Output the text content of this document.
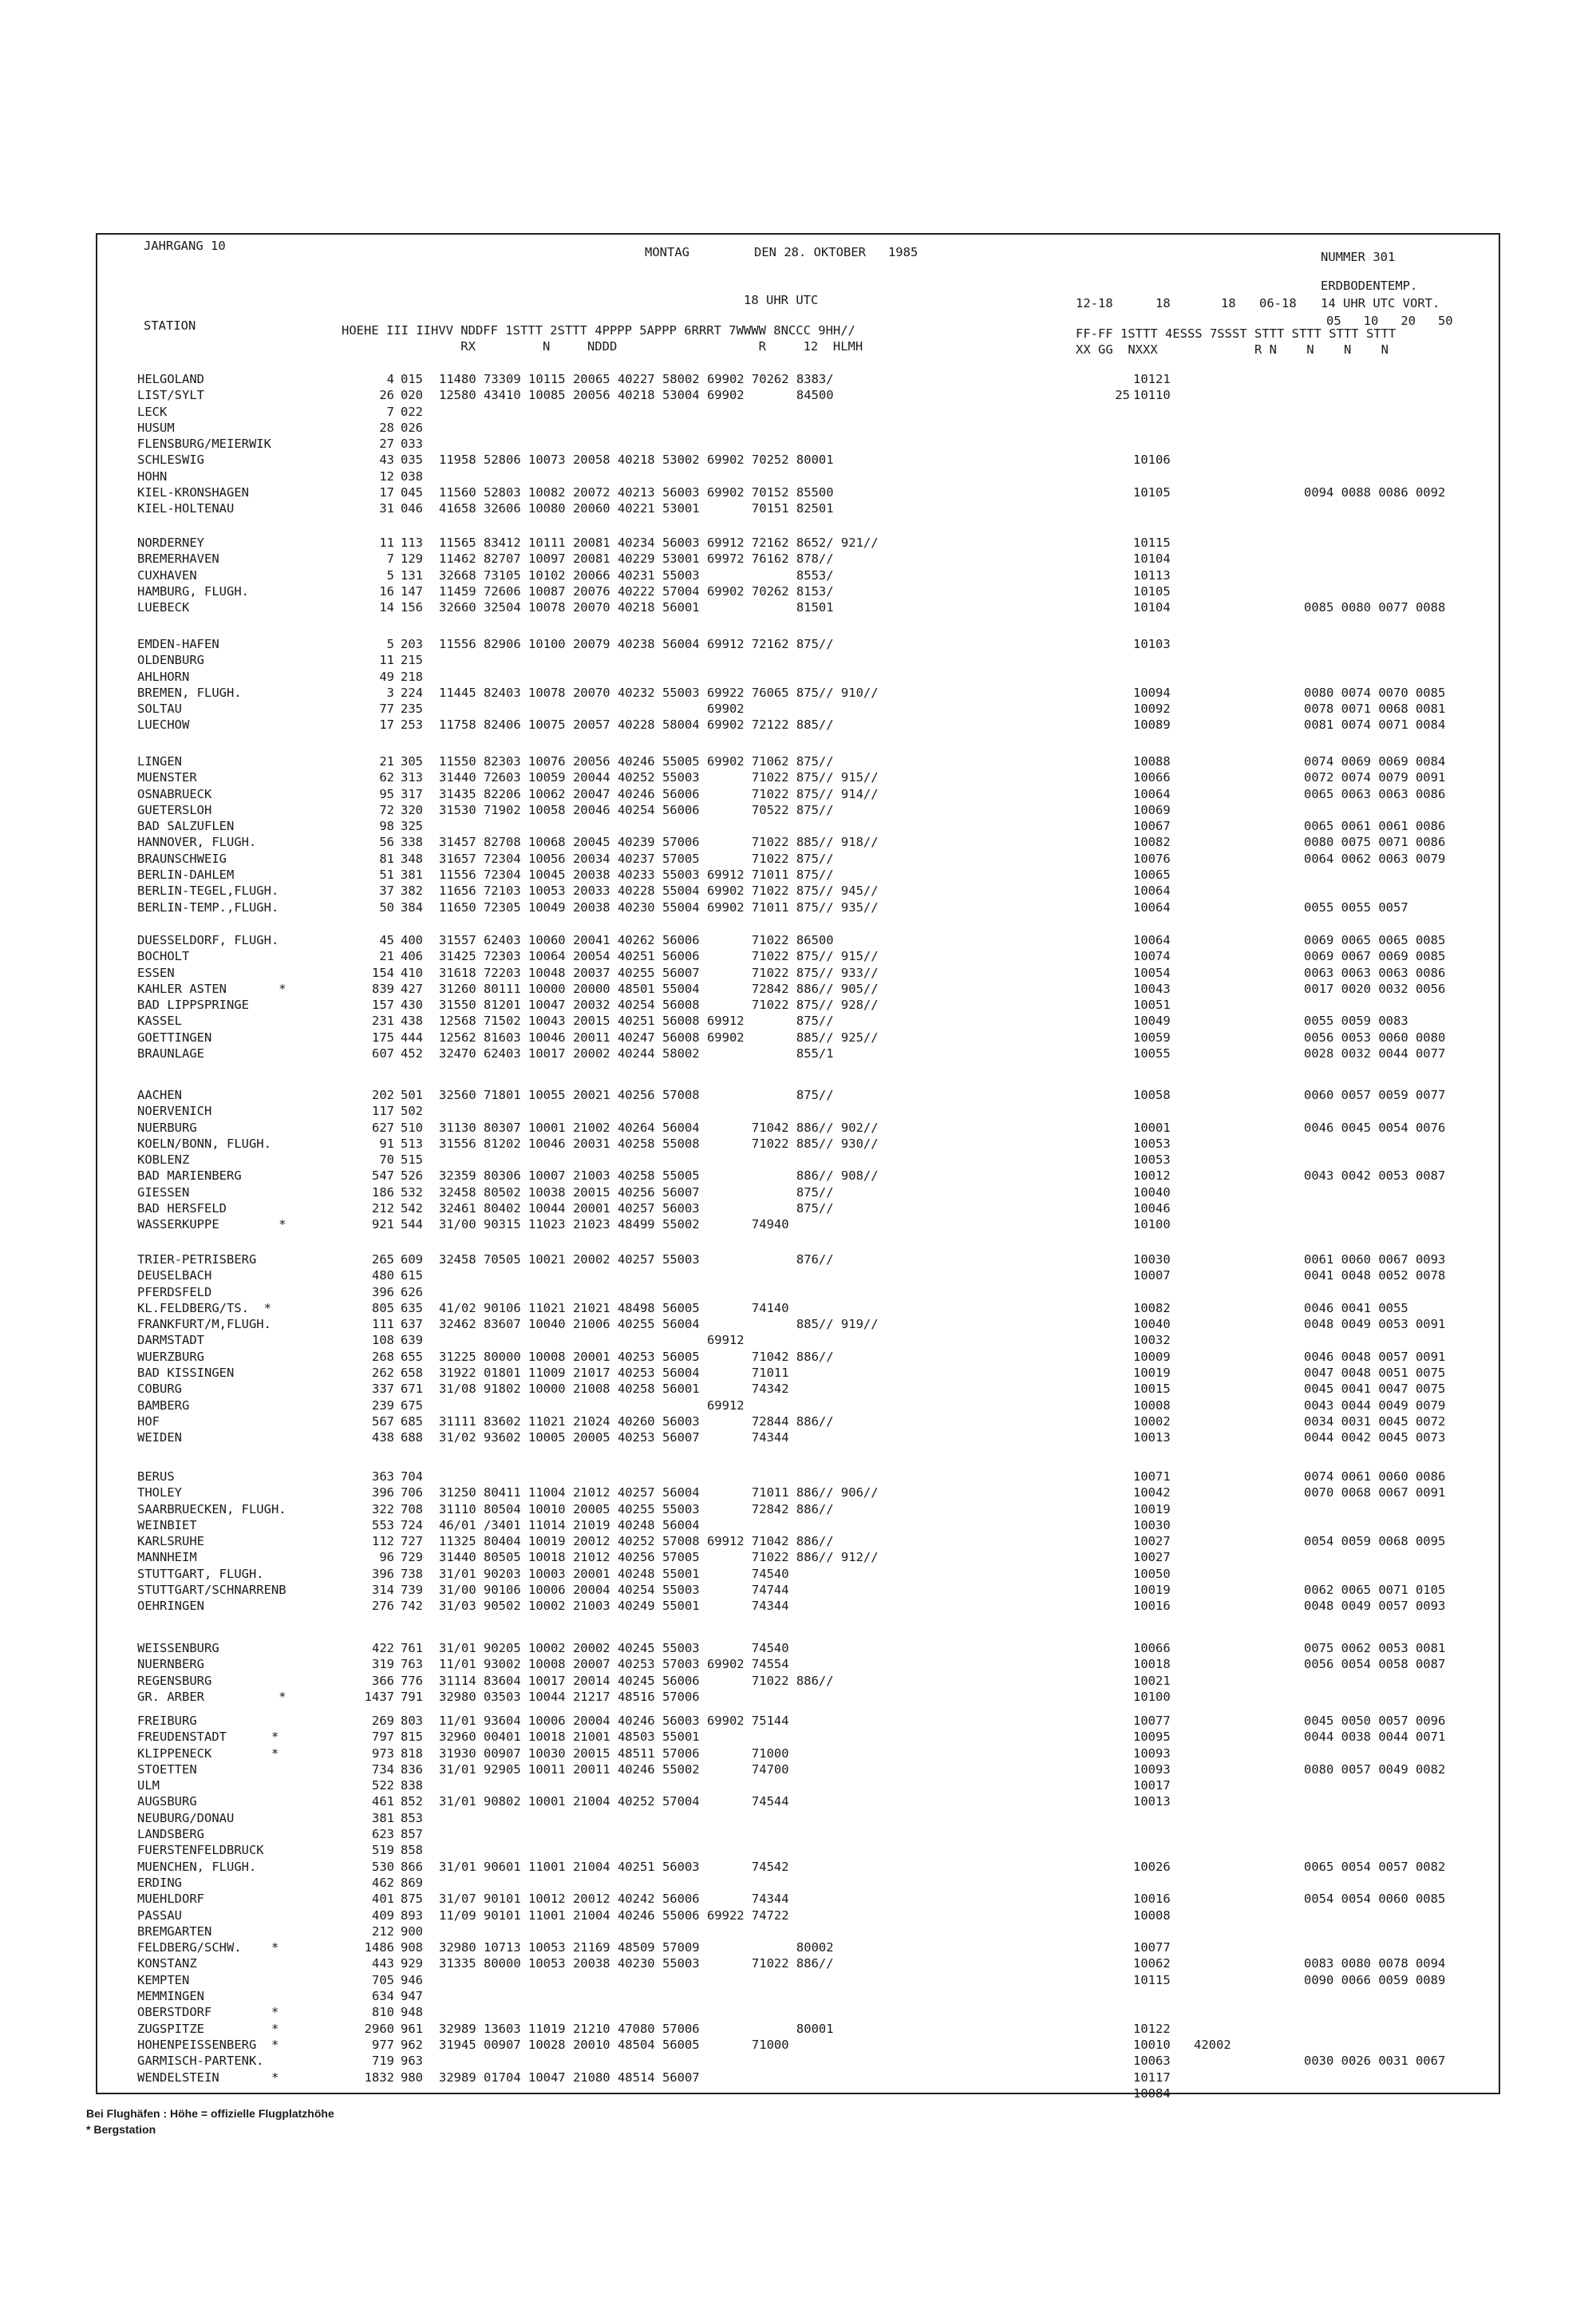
JAHRGANG 10	MONTAG	DEN 28. OKTOBER   1985	NUMMER 301
ERDBODENTEMP.
18 UHR UTC	12-18	18	18 06-18 14 UHR UTC VORT.
05   10   20   50
STATION	HOEHE III IIHVV NDDFF 1STTT 2STTT 4PPPP 5APPP 6RRRT 7WWWW 8NCCC 9HH//
RX         N     NDDD                   R     12  HLMH
FF-FF 1STTT 4ESSS 7SSST STTT STTT STTT STTT
XX GG  NXXX             R N    N    N    N
HELGOLAND	4 015 11480 73309 10115 20065 40227 58002 69902 70262 8383/	10121
LIST/SYLT	26 020 12580 43410 10085 20056 40218 53004 69902       84500	25 10110
LECK	7 022
HUSUM	28 026
FLENSBURG/MEIERWIK	27 033
SCHLESWIG	43 035 11958 52806 10073 20058 40218 53002 69902 70252 80001	10106
HOHN	12 038
KIEL-KRONSHAGEN	17 045 11560 52803 10082 20072 40213 56003 69902 70152 85500	10105	0094 0088 0086 0092
KIEL-HOLTENAU	31 046 41658 32606 10080 20060 40221 53001       70151 82501
NORDERNEY	11 113 11565 83412 10111 20081 40234 56003 69912 72162 8652/ 921//	10115
BREMERHAVEN	7 129 11462 82707 10097 20081 40229 53001 69972 76162 878//	10104
CUXHAVEN	5 131 32668 73105 10102 20066 40231 55003             8553/	10113
HAMBURG, FLUGH.	16 147 11459 72606 10087 20076 40222 57004 69902 70262 8153/	10105
LUEBECK	14 156 32660 32504 10078 20070 40218 56001             81501	10104	0085 0080 0077 0088
EMDEN-HAFEN	5 203 11556 82906 10100 20079 40238 56004 69912 72162 875//	10103
OLDENBURG	11 215
AHLHORN	49 218
BREMEN, FLUGH.	3 224 11445 82403 10078 20070 40232 55003 69922 76065 875// 910//	10094	0080 0074 0070 0085
SOLTAU	77 235 69902	10092	0078 0071 0068 0081
LUECHOW	17 253 11758 82406 10075 20057 40228 58004 69902 72122 885//	10089	0081 0074 0071 0084
LINGEN	21 305 11550 82303 10076 20056 40246 55005 69902 71062 875//	10088	0074 0069 0069 0084
MUENSTER	62 313 31440 72603 10059 20044 40252 55003       71022 875// 915//	10066	0072 0074 0079 0091
OSNABRUECK	95 317 31435 82206 10062 20047 40246 56006       71022 875// 914//	10064	0065 0063 0063 0086
GUETERSLOH	72 320 31530 71902 10058 20046 40254 56006       70522 875//	10069
BAD SALZUFLEN	98 325	10067	0065 0061 0061 0086
HANNOVER, FLUGH.	56 338 31457 82708 10068 20045 40239 57006       71022 885// 918//	10082	0080 0075 0071 0086
BRAUNSCHWEIG	81 348 31657 72304 10056 20034 40237 57005       71022 875//	10076	0064 0062 0063 0079
BERLIN-DAHLEM	51 381 11556 72304 10045 20038 40233 55003 69912 71011 875//	10065
BERLIN-TEGEL,FLUGH.	37 382 11656 72103 10053 20033 40228 55004 69902 71022 875// 945//	10064
BERLIN-TEMP.,FLUGH.	50 384 11650 72305 10049 20038 40230 55004 69902 71011 875// 935//	10064	0055 0055 0057
DUESSELDORF, FLUGH.	45 400 31557 62403 10060 20041 40262 56006       71022 86500	10064	0069 0065 0065 0085
BOCHOLT	21 406 31425 72303 10064 20054 40251 56006       71022 875// 915//	10074	0069 0067 0069 0085
ESSEN	154 410 31618 72203 10048 20037 40255 56007       71022 875// 933//	10054	0063 0063 0063 0086
KAHLER ASTEN       *	839 427 31260 80111 10000 20000 48501 55004       72842 886// 905//	10043	0017 0020 0032 0056
BAD LIPPSPRINGE	157 430 31550 81201 10047 20032 40254 56008       71022 875// 928//	10051
KASSEL	231 438 12568 71502 10043 20015 40251 56008 69912       875//	10049	0055 0059 0083
GOETTINGEN	175 444 12562 81603 10046 20011 40247 56008 69902       885// 925//	10059	0056 0053 0060 0080
BRAUNLAGE	607 452 32470 62403 10017 20002 40244 58002             855/1	10055	0028 0032 0044 0077
AACHEN	202 501 32560 71801 10055 20021 40256 57008             875//	10058	0060 0057 0059 0077
NOERVENICH	117 502
NUERBURG	627 510 31130 80307 10001 21002 40264 56004       71042 886// 902//	10001	0046 0045 0054 0076
KOELN/BONN, FLUGH.	91 513 31556 81202 10046 20031 40258 55008       71022 885// 930//	10053
KOBLENZ	70 515	10053
BAD MARIENBERG	547 526 32359 80306 10007 21003 40258 55005             886// 908//	10012	0043 0042 0053 0087
GIESSEN	186 532 32458 80502 10038 20015 40256 56007             875//	10040
BAD HERSFELD	212 542 32461 80402 10044 20001 40257 56003             875//	10046
WASSERKUPPE        *	921 544 31/00 90315 11023 21023 48499 55002       74940	10100
TRIER-PETRISBERG	265 609 32458 70505 10021 20002 40257 55003             876//	10030	0061 0060 0067 0093
DEUSELBACH	480 615	10007	0041 0048 0052 0078
PFERDSFELD	396 626
KL.FELDBERG/TS.  *	805 635 41/02 90106 11021 21021 48498 56005       74140	10082	0046 0041 0055
FRANKFURT/M,FLUGH.	111 637 32462 83607 10040 21006 40255 56004             885// 919//	10040	0048 0049 0053 0091
DARMSTADT	108 639 69912	10032
WUERZBURG	268 655 31225 80000 10008 20001 40253 56005       71042 886//	10009	0046 0048 0057 0091
BAD KISSINGEN	262 658 31922 01801 11009 21017 40253 56004       71011	10019	0047 0048 0051 0075
COBURG	337 671 31/08 91802 10000 21008 40258 56001       74342	10015	0045 0041 0047 0075
BAMBERG	239 675 69912	10008	0043 0044 0049 0079
HOF	567 685 31111 83602 11021 21024 40260 56003       72844 886//	10002	0034 0031 0045 0072
WEIDEN	438 688 31/02 93602 10005 20005 40253 56007       74344	10013	0044 0042 0045 0073
BERUS	363 704	10071	0074 0061 0060 0086
THOLEY	396 706 31250 80411 11004 21012 40257 56004       71011 886// 906//	10042	0070 0068 0067 0091
SAARBRUECKEN, FLUGH.	322 708 31110 80504 10010 20005 40255 55003       72842 886//	10019
WEINBIET	553 724 46/01 /3401 11014 21019 40248 56004	10030
KARLSRUHE	112 727 11325 80404 10019 20012 40252 57008 69912 71042 886//	10027	0054 0059 0068 0095
MANNHEIM	96 729 31440 80505 10018 21012 40256 57005       71022 886// 912//	10027
STUTTGART, FLUGH.	396 738 31/01 90203 10003 20001 40248 55001       74540	10050
STUTTGART/SCHNARRENB	314 739 31/00 90106 10006 20004 40254 55003       74744	10019	0062 0065 0071 0105
OEHRINGEN	276 742 31/03 90502 10002 21003 40249 55001       74344	10016	0048 0049 0057 0093
WEISSENBURG	422 761 31/01 90205 10002 20002 40245 55003       74540	10066	0075 0062 0053 0081
NUERNBERG	319 763 11/01 93002 10008 20007 40253 57003 69902 74554	10018	0056 0054 0058 0087
REGENSBURG	366 776 31114 83604 10017 20014 40245 56006       71022 886//	10021
GR. ARBER          *	1437 791 32980 03503 10044 21217 48516 57006	10100
FREIBURG	269 803 11/01 93604 10006 20004 40246 56003 69902 75144	10077	0045 0050 0057 0096
FREUDENSTADT      *	797 815 32960 00401 10018 21001 48503 55001	10095	0044 0038 0044 0071
KLIPPENECK        *	973 818 31930 00907 10030 20015 48511 57006       71000	10093
STOETTEN	734 836 31/01 92905 10011 20011 40246 55002       74700	10093	0080 0057 0049 0082
ULM	522 838	10017
AUGSBURG	461 852 31/01 90802 10001 21004 40252 57004       74544	10013
NEUBURG/DONAU	381 853
LANDSBERG	623 857
FUERSTENFELDBRUCK	519 858
MUENCHEN, FLUGH.	530 866 31/01 90601 11001 21004 40251 56003       74542	10026	0065 0054 0057 0082
ERDING	462 869
MUEHLDORF	401 875 31/07 90101 10012 20012 40242 56006       74344	10016	0054 0054 0060 0085
PASSAU	409 893 11/09 90101 11001 21004 40246 55006 69922 74722	10008
BREMGARTEN	212 900
FELDBERG/SCHW.    *	1486 908 32980 10713 10053 21169 48509 57009             80002	10077
KONSTANZ	443 929 31335 80000 10053 20038 40230 55003       71022 886//	10062	0083 0080 0078 0094
KEMPTEN	705 946	10115	0090 0066 0059 0089
MEMMINGEN	634 947
OBERSTDORF        *	810 948
ZUGSPITZE         *	2960 961 32989 13603 11019 21210 47080 57006             80001	10122
HOHENPEISSENBERG  *	977 962 31945 00907 10028 20010 48504 56005       71000	10010 42002
GARMISCH-PARTENK.	719 963	10063	0030 0026 0031 0067
WENDELSTEIN       *	1832 980 32989 01704 10047 21080 48514 56007	10117
10084
Bei Flughäfen : Höhe = offizielle Flugplatzhöhe
* Bergstation
